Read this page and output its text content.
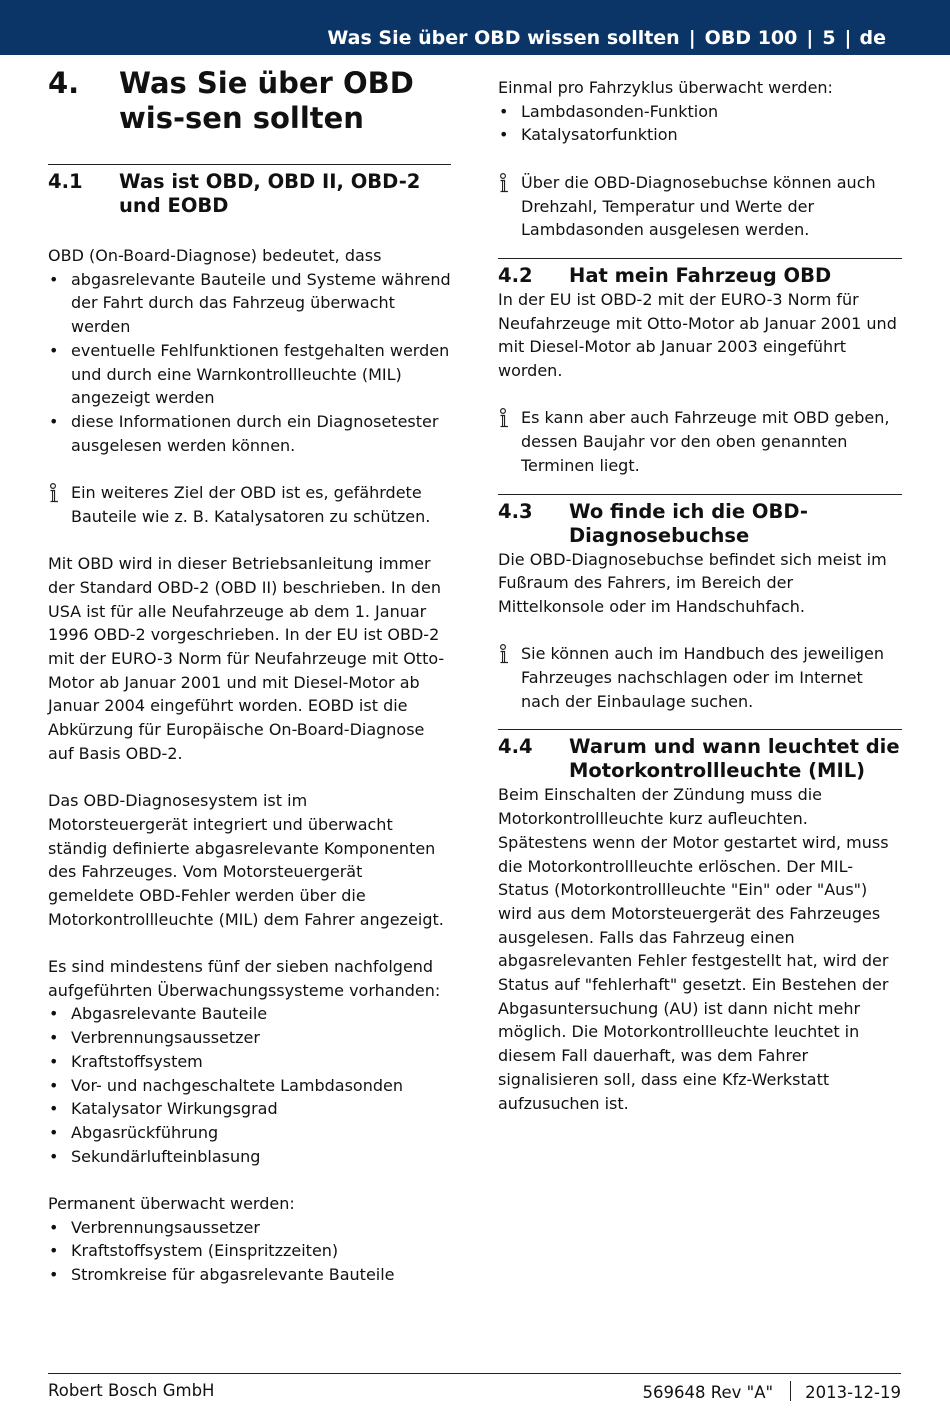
Was Sie über OBD wissen sollten | OBD 100 | 5 | de
4.	Was Sie über OBD wis-sen sollten
4.1	Was ist OBD, OBD II, OBD-2 und EOBD

OBD (On-Board-Diagnose) bedeutet, dass

• abgasrelevante Bauteile und Systeme während der Fahrt durch das Fahrzeug überwacht werden
• eventuelle Fehlfunktionen festgehalten werden und durch eine Warnkontrollleuchte (MIL) angezeigt werden
• diese Informationen durch ein Diagnosetester ausgelesen werden können.

Ein weiteres Ziel der OBD ist es, gefährdete Bauteile wie z. B. Katalysatoren zu schützen.

Mit OBD wird in dieser Betriebsanleitung immer der Standard OBD-2 (OBD II) beschrieben. In den USA ist für alle Neufahrzeuge ab dem 1. Januar 1996 OBD-2 vorgeschrieben. In der EU ist OBD-2 mit der EURO-3 Norm für Neufahrzeuge mit Otto-Motor ab Januar 2001 und mit Diesel-Motor ab Januar 2004 eingeführt worden. EOBD ist die Abkürzung für Europäische On-Board-Diagnose auf Basis OBD-2.

Das OBD-Diagnosesystem ist im Motorsteuergerät integriert und überwacht ständig definierte abgasrelevante Komponenten des Fahrzeuges. Vom Motorsteuergerät gemeldete OBD-Fehler werden über die Motorkontrollleuchte (MIL) dem Fahrer angezeigt.

Es sind mindestens fünf der sieben nachfolgend aufgeführten Überwachungssysteme vorhanden:

• Abgasrelevante Bauteile
• Verbrennungsaussetzer
• Kraftstoffsystem
• Vor- und nachgeschaltete Lambdasonden
• Katalysator Wirkungsgrad
• Abgasrückführung
• Sekundärlufteinblasung

Permanent überwacht werden:

• Verbrennungsaussetzer
• Kraftstoffsystem (Einspritzzeiten)
• Stromkreise für abgasrelevante Bauteile

Einmal pro Fahrzyklus überwacht werden:

• Lambdasonden-Funktion
• Katalysatorfunktion

Über die OBD-Diagnosebuchse können auch Drehzahl, Temperatur und Werte der Lambdasonden ausgelesen werden.

4.2	Hat mein Fahrzeug OBD

In der EU ist OBD-2 mit der EURO-3 Norm für Neufahrzeuge mit Otto-Motor ab Januar 2001 und mit Diesel-Motor ab Januar 2003 eingeführt worden.

Es kann aber auch Fahrzeuge mit OBD geben, dessen Baujahr vor den oben genannten Terminen liegt.

4.3	Wo finde ich die OBD-Diagnosebuchse

Die OBD-Diagnosebuchse befindet sich meist im Fußraum des Fahrers, im Bereich der Mittelkonsole oder im Handschuhfach.

Sie können auch im Handbuch des jeweiligen Fahrzeuges nachschlagen oder im Internet nach der Einbaulage suchen.

4.4	Warum und wann leuchtet die Motorkontrollleuchte (MIL)

Beim Einschalten der Zündung muss die Motorkontrollleuchte kurz aufleuchten. Spätestens wenn der Motor gestartet wird, muss die Motorkontrollleuchte erlöschen. Der MIL-Status (Motorkontrollleuchte "Ein" oder "Aus") wird aus dem Motorsteuergerät des Fahrzeuges ausgelesen. Falls das Fahrzeug einen abgasrelevanten Fehler festgestellt hat, wird der Status auf "fehlerhaft" gesetzt. Ein Bestehen der Abgasuntersuchung (AU) ist dann nicht mehr möglich. Die Motorkontrollleuchte leuchtet in diesem Fall dauerhaft, was dem Fahrer signalisieren soll, dass eine Kfz-Werkstatt aufzusuchen ist.

Robert Bosch GmbH	569648 Rev "A" 2013-12-19
